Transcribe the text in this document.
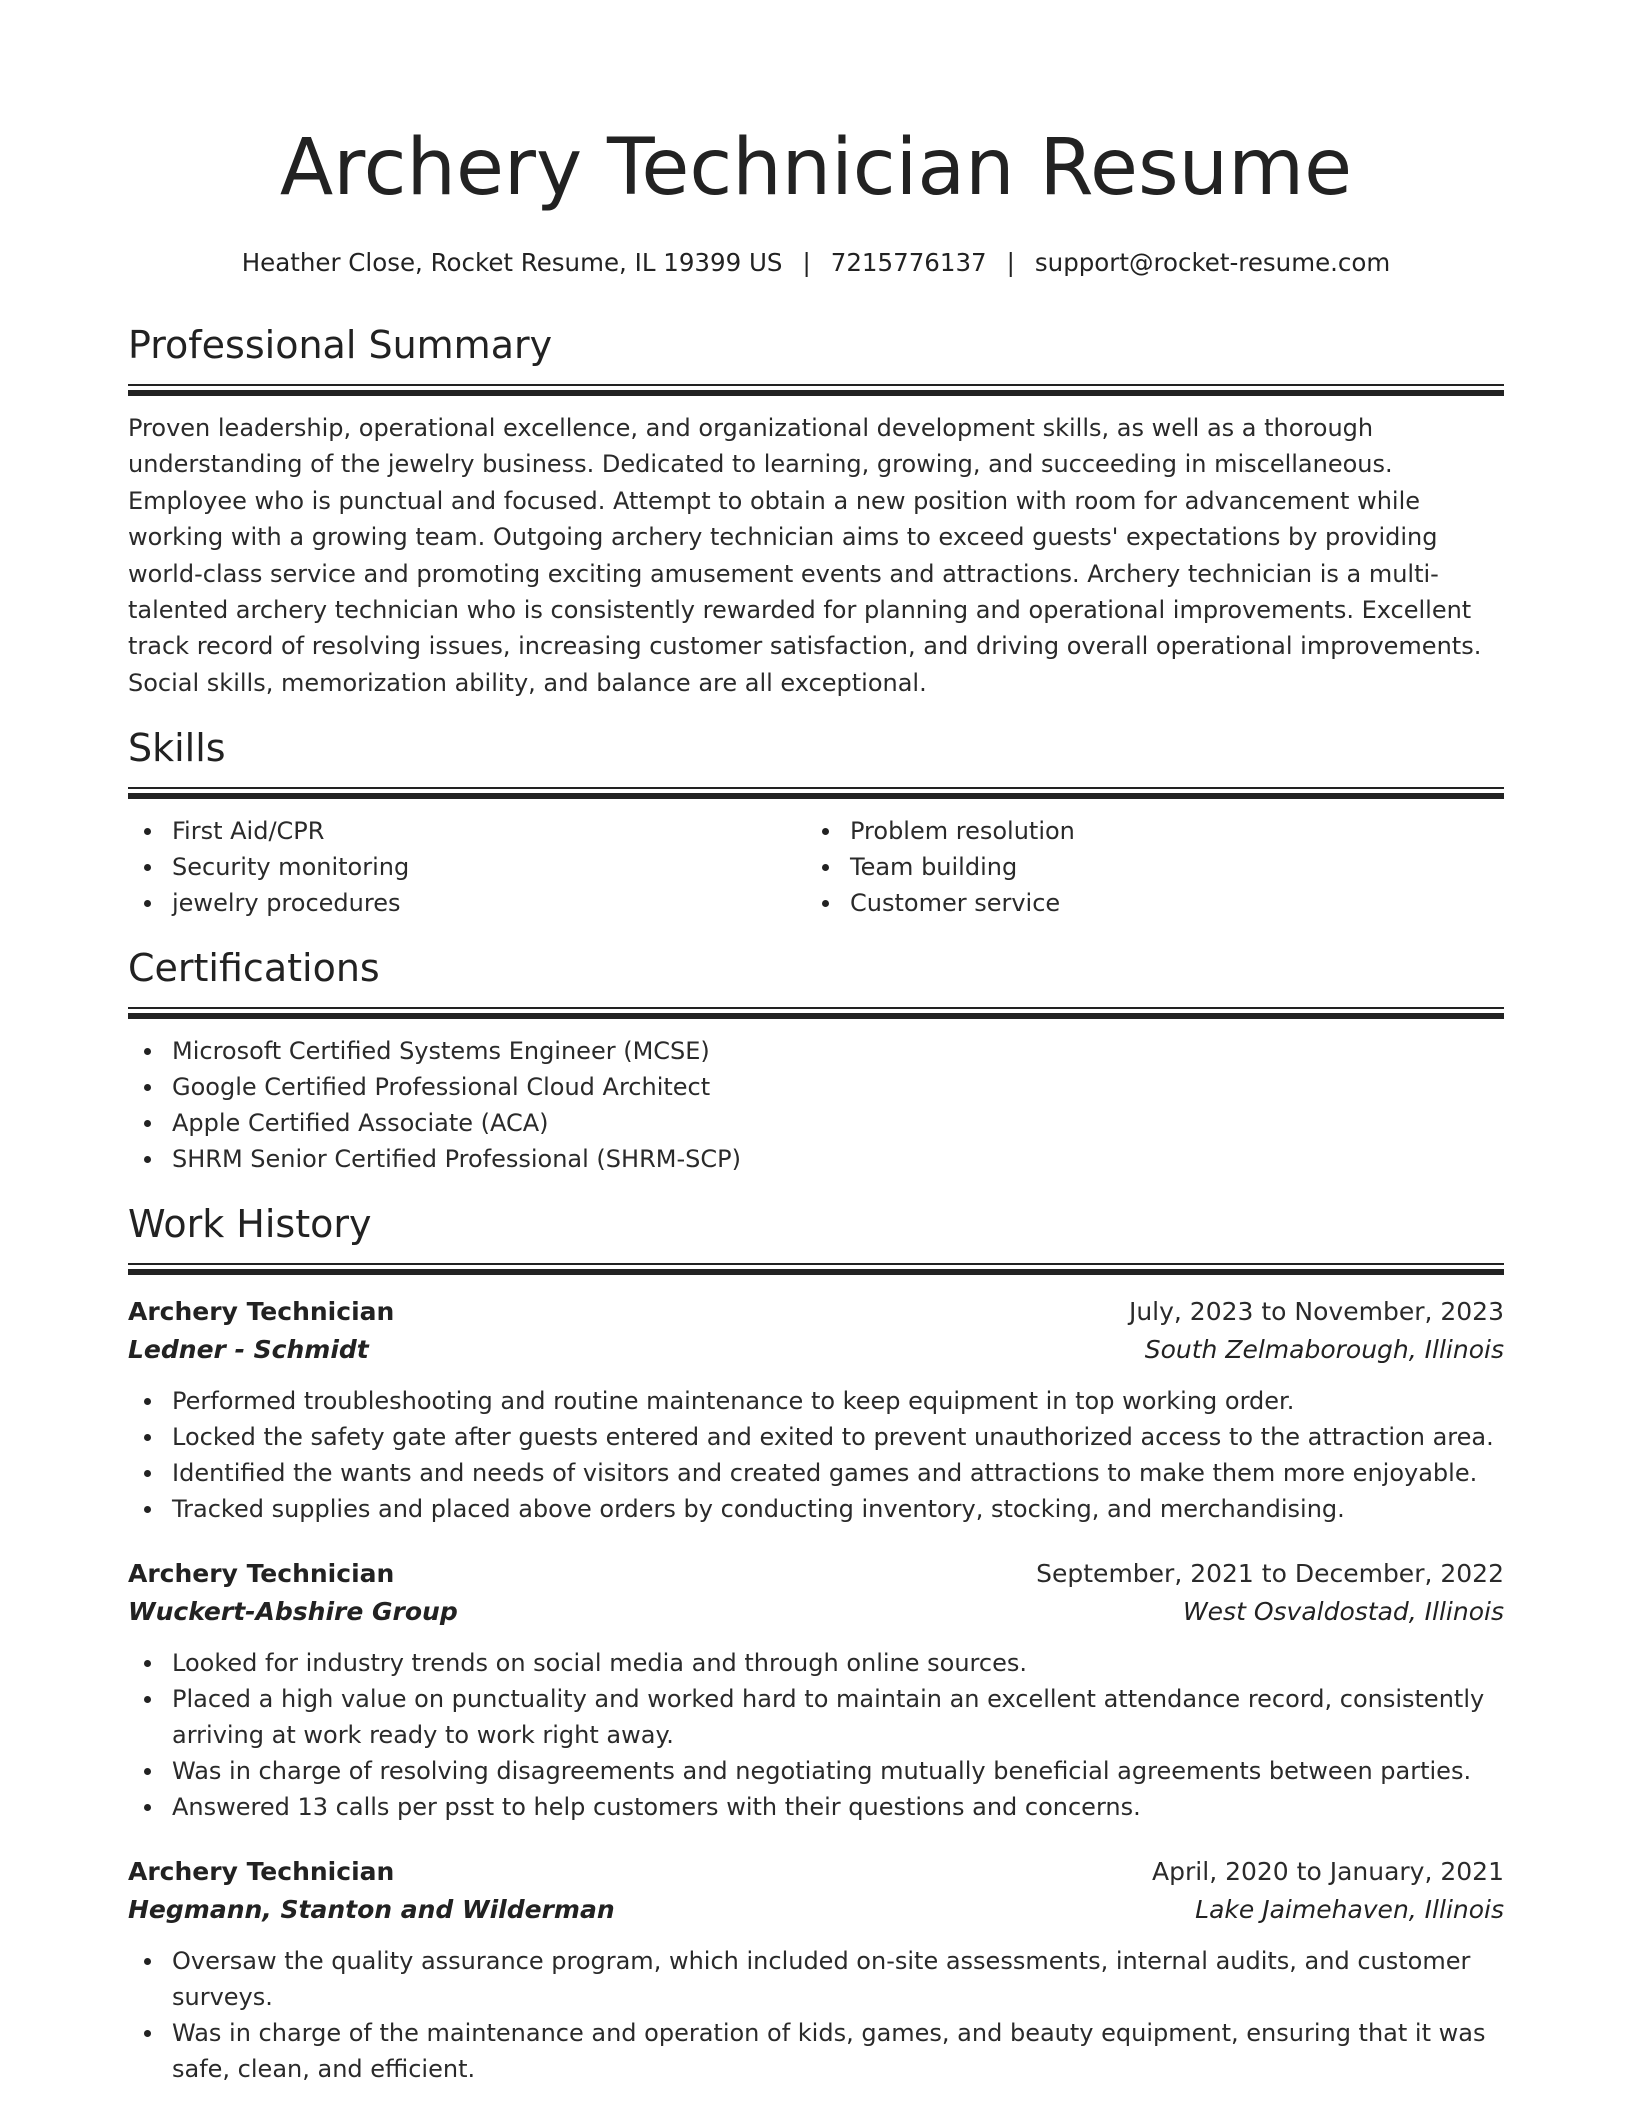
Archery Technician Resume
Heather Close, Rocket Resume, IL 19399 US | 7215776137 | support@rocket-resume.com
Professional Summary

Proven leadership, operational excellence, and organizational development skills, as well as a thorough understanding of the jewelry business. Dedicated to learning, growing, and succeeding in miscellaneous. Employee who is punctual and focused. Attempt to obtain a new position with room for advancement while working with a growing team. Outgoing archery technician aims to exceed guests' expectations by providing world-class service and promoting exciting amusement events and attractions. Archery technician is a multi-talented archery technician who is consistently rewarded for planning and operational improvements. Excellent track record of resolving issues, increasing customer satisfaction, and driving overall operational improvements. Social skills, memorization ability, and balance are all exceptional.

Skills
First Aid/CPR
Security monitoring
jewelry procedures
Problem resolution
Team building
Customer service
Certifications
Microsoft Certified Systems Engineer (MCSE)
Google Certified Professional Cloud Architect
Apple Certified Associate (ACA)
SHRM Senior Certified Professional (SHRM-SCP)
Work History
Archery Technician	July, 2023 to November, 2023
Ledner - Schmidt	South Zelmaborough, Illinois
Performed troubleshooting and routine maintenance to keep equipment in top working order.
Locked the safety gate after guests entered and exited to prevent unauthorized access to the attraction area.
Identified the wants and needs of visitors and created games and attractions to make them more enjoyable.
Tracked supplies and placed above orders by conducting inventory, stocking, and merchandising.
Archery Technician	September, 2021 to December, 2022
Wuckert-Abshire Group	West Osvaldostad, Illinois
Looked for industry trends on social media and through online sources.
Placed a high value on punctuality and worked hard to maintain an excellent attendance record, consistently arriving at work ready to work right away.
Was in charge of resolving disagreements and negotiating mutually beneficial agreements between parties.
Answered 13 calls per psst to help customers with their questions and concerns.
Archery Technician	April, 2020 to January, 2021
Hegmann, Stanton and Wilderman	Lake Jaimehaven, Illinois
Oversaw the quality assurance program, which included on-site assessments, internal audits, and customer surveys.
Was in charge of the maintenance and operation of kids, games, and beauty equipment, ensuring that it was safe, clean, and efficient.
